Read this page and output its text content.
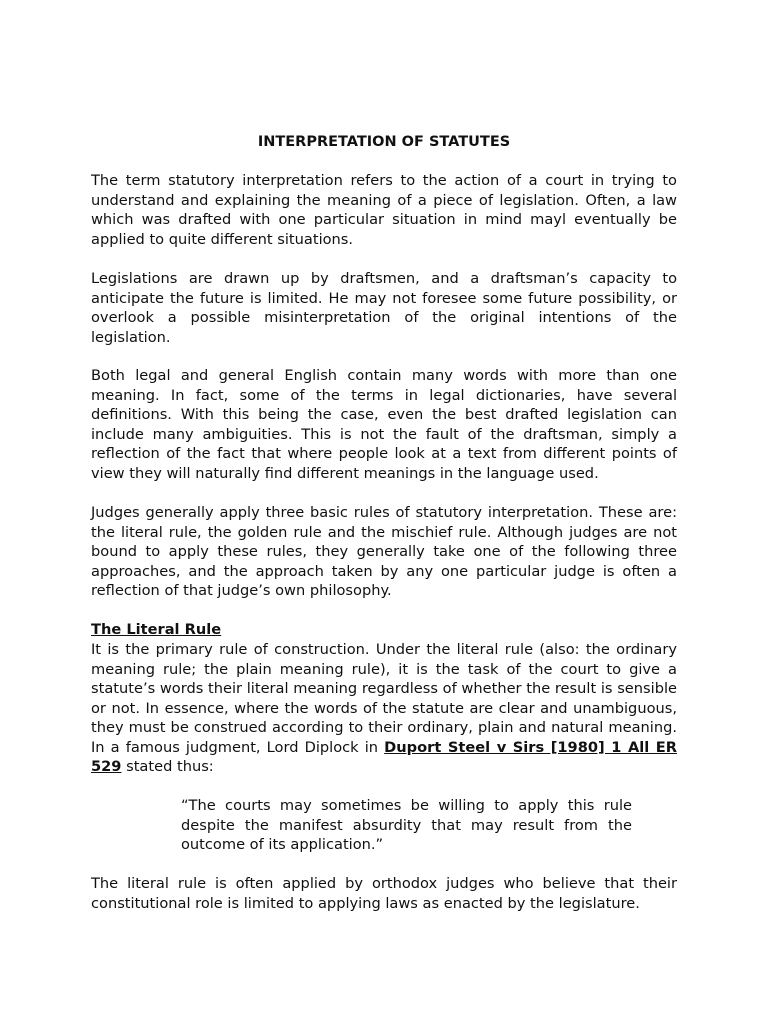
INTERPRETATION OF STATUTES

The term statutory interpretation refers to the action of a court in trying to understand and explaining the meaning of a piece of legislation. Often, a law which was drafted with one particular situation in mind mayl eventually be applied to quite different situations.

Legislations are drawn up by draftsmen, and a draftsman’s capacity to anticipate the future is limited. He may not foresee some future possibility, or overlook a possible misinterpretation of the original intentions of the legislation.

Both legal and general English contain many words with more than one meaning. In fact, some of the terms in legal dictionaries, have several definitions. With this being the case, even the best drafted legislation can include many ambiguities. This is not the fault of the draftsman, simply a reflection of the fact that where people look at a text from different points of view they will naturally find different meanings in the language used.

Judges generally apply three basic rules of statutory interpretation. These are: the literal rule, the golden rule and the mischief rule. Although judges are not bound to apply these rules, they generally take one of the following three approaches, and the approach taken by any one particular judge is often a reflection of that judge’s own philosophy.

The Literal Rule

It is the primary rule of construction. Under the literal rule (also: the ordinary meaning rule; the plain meaning rule), it is the task of the court to give a statute’s words their literal meaning regardless of whether the result is sensible or not. In essence, where the words of the statute are clear and unambiguous, they must be construed according to their ordinary, plain and natural meaning. In a famous judgment, Lord Diplock in Duport Steel v Sirs [1980] 1 All ER 529 stated thus:

“The courts may sometimes be willing to apply this rule despite the manifest absurdity that may result from the outcome of its application.”

The literal rule is often applied by orthodox judges who believe that their constitutional role is limited to applying laws as enacted by the legislature.
